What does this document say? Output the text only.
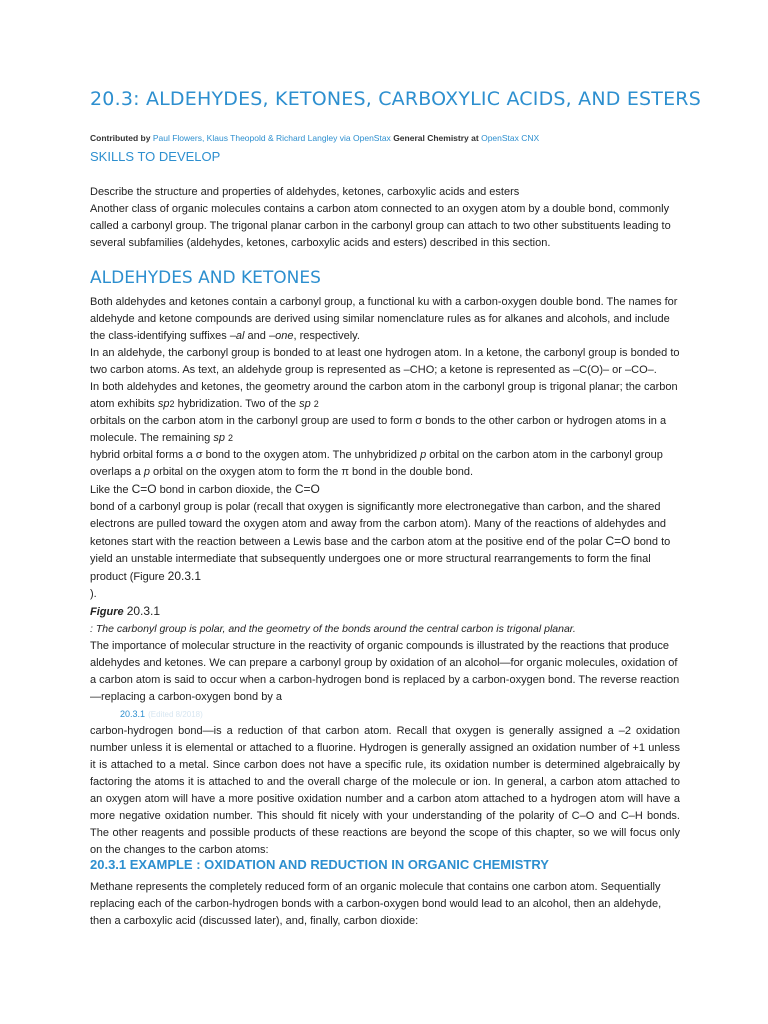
20.3: ALDEHYDES, KETONES, CARBOXYLIC ACIDS, AND ESTERS
Contributed by Paul Flowers, Klaus Theopold & Richard Langley via OpenStax General Chemistry at OpenStax CNX
SKILLS TO DEVELOP

Describe the structure and properties of aldehydes, ketones, carboxylic acids and esters

Another class of organic molecules contains a carbon atom connected to an oxygen atom by a double bond, commonly called a carbonyl group. The trigonal planar carbon in the carbonyl group can attach to two other substituents leading to several subfamilies (aldehydes, ketones, carboxylic acids and esters) described in this section.

ALDEHYDES AND KETONES

Both aldehydes and ketones contain a carbonyl group, a functional ku with a carbon-oxygen double bond. The names for aldehyde and ketone compounds are derived using similar nomenclature rules as for alkanes and alcohols, and include the class-identifying suffixes –al and –one, respectively.

In an aldehyde, the carbonyl group is bonded to at least one hydrogen atom. In a ketone, the carbonyl group is bonded to two carbon atoms. As text, an aldehyde group is represented as –CHO; a ketone is represented as –C(O)– or –CO–.

In both aldehydes and ketones, the geometry around the carbon atom in the carbonyl group is trigonal planar; the carbon atom exhibits sp2 hybridization. Two of the sp 2

orbitals on the carbon atom in the carbonyl group are used to form σ bonds to the other carbon or hydrogen atoms in a molecule. The remaining sp 2

hybrid orbital forms a σ bond to the oxygen atom. The unhybridized p orbital on the carbon atom in the carbonyl group overlaps a p orbital on the oxygen atom to form the π bond in the double bond.

Like the C=O bond in carbon dioxide, the C=O

bond of a carbonyl group is polar (recall that oxygen is significantly more electronegative than carbon, and the shared electrons are pulled toward the oxygen atom and away from the carbon atom). Many of the reactions of aldehydes and ketones start with the reaction between a Lewis base and the carbon atom at the positive end of the polar C=O bond to yield an unstable intermediate that subsequently undergoes one or more structural rearrangements to form the final product (Figure 20.3.1

).

Figure 20.3.1

: The carbonyl group is polar, and the geometry of the bonds around the central carbon is trigonal planar.

The importance of molecular structure in the reactivity of organic compounds is illustrated by the reactions that produce aldehydes and ketones. We can prepare a carbonyl group by oxidation of an alcohol—for organic molecules, oxidation of a carbon atom is said to occur when a carbon-hydrogen bond is replaced by a carbon-oxygen bond. The reverse reaction—replacing a carbon-oxygen bond by a

20.3.1 (Edited 8/2018)

carbon-hydrogen bond—is a reduction of that carbon atom. Recall that oxygen is generally assigned a –2 oxidation number unless it is elemental or attached to a fluorine. Hydrogen is generally assigned an oxidation number of +1 unless it is attached to a metal. Since carbon does not have a specific rule, its oxidation number is determined algebraically by factoring the atoms it is attached to and the overall charge of the molecule or ion. In general, a carbon atom attached to an oxygen atom will have a more positive oxidation number and a carbon atom attached to a hydrogen atom will have a more negative oxidation number. This should fit nicely with your understanding of the polarity of C–O and C–H bonds. The other reagents and possible products of these reactions are beyond the scope of this chapter, so we will focus only on the changes to the carbon atoms:

20.3.1 EXAMPLE : OXIDATION AND REDUCTION IN ORGANIC CHEMISTRY

Methane represents the completely reduced form of an organic molecule that contains one carbon atom. Sequentially replacing each of the carbon-hydrogen bonds with a carbon-oxygen bond would lead to an alcohol, then an aldehyde, then a carboxylic acid (discussed later), and, finally, carbon dioxide:
